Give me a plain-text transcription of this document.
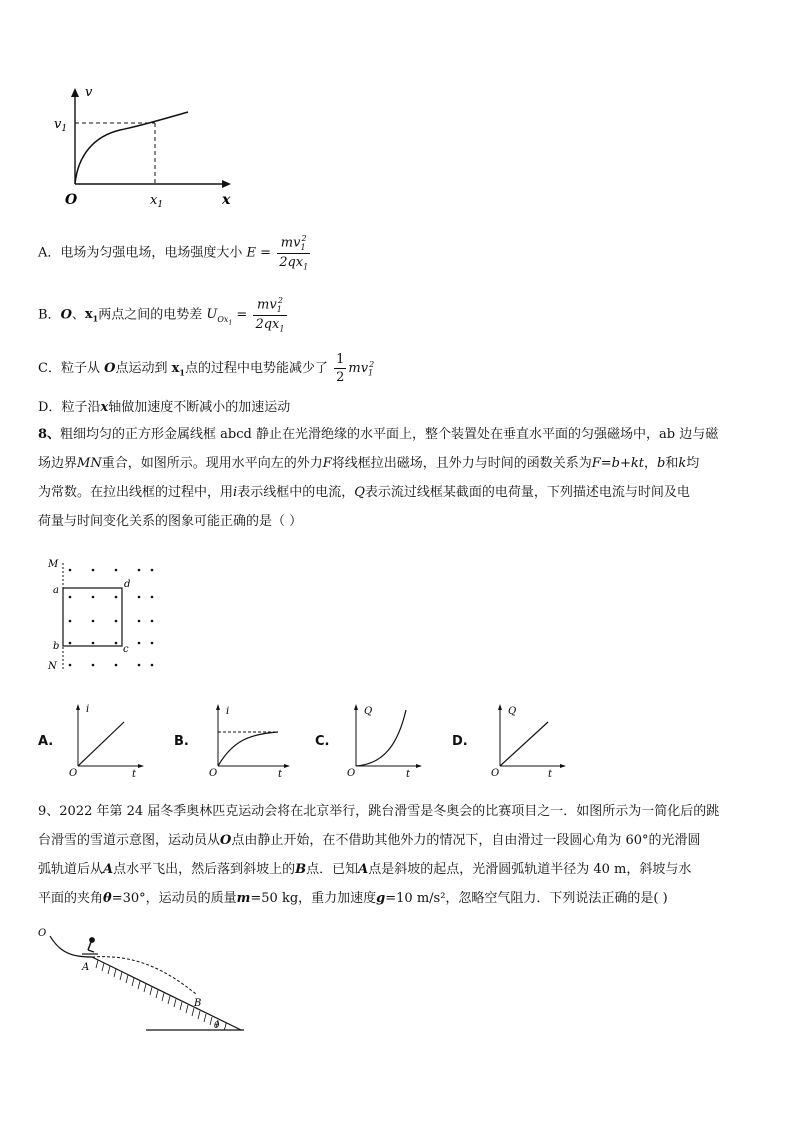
v
$v_1$
O	$x_1$	x
A．电场为匀强电场，电场强度大小 $E = \frac{mv_1^2}{2qx_1}$
B．O、$x_1$两点之间的电势差 $U_{Ox_1} = \frac{mv_1^2}{2qx_1}$
C．粒子从 O点运动到 $x_1$点的过程中电势能减少了 $\frac{1}{2} mv_1^2$
D．粒子沿x轴做加速度不断减小的加速运动

8、粗细均匀的正方形金属线框 abcd 静止在光滑绝缘的水平面上，整个装置处在垂直水平面的匀强磁场中，ab 边与磁

场边界MN重合，如图所示。现用水平向左的外力F将线框拉出磁场，且外力与时间的函数关系为F=b+kt，b和k均

为常数。在拉出线框的过程中，用i表示线框中的电流，Q表示流过线框某截面的电荷量，下列描述电流与时间及电

荷量与时间变化关系的图象可能正确的是（ ）

M
N
a
b	c
d
A.
i
O	t
B.
i
O	t
C.
Q
O	t
D.
Q
O	t

9、2022 年第 24 届冬季奥林匹克运动会将在北京举行，跳台滑雪是冬奥会的比赛项目之一．如图所示为一简化后的跳

台滑雪的雪道示意图，运动员从O点由静止开始，在不借助其他外力的情况下，自由滑过一段圆心角为 60°的光滑圆

弧轨道后从A点水平飞出，然后落到斜坡上的B点．已知A点是斜坡的起点，光滑圆弧轨道半径为 40 m，斜坡与水

平面的夹角θ=30°，运动员的质量m=50 kg，重力加速度g=10 m/s²，忽略空气阻力．下列说法正确的是( )

O
A
B
θ
